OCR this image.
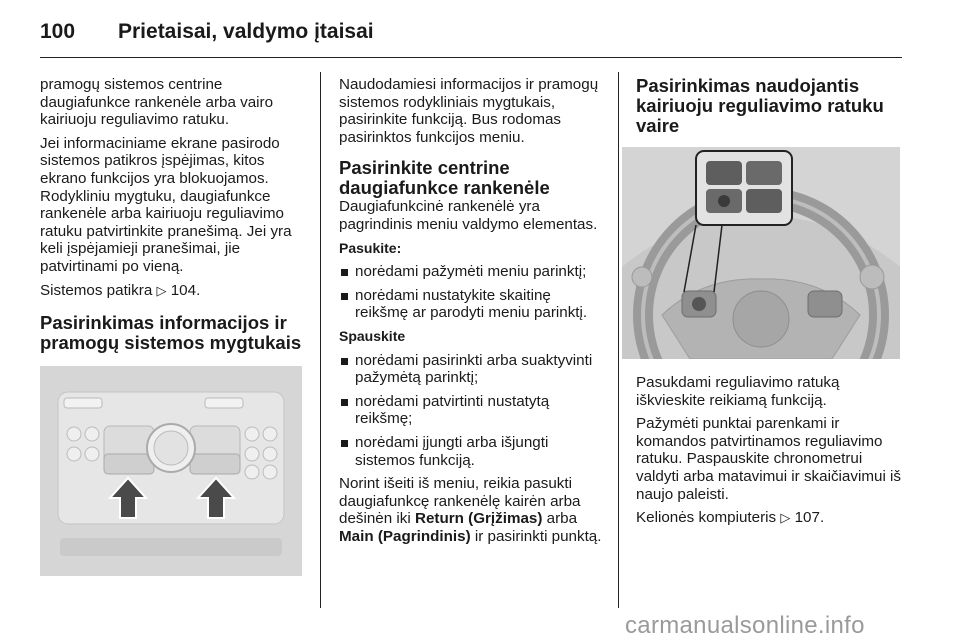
100 Prietaisai, valdymo įtaisai

pramogų sistemos centrine daugiafunkce rankenėle arba vairo kairiuoju reguliavimo ratuku.

Jei informaciniame ekrane pasirodo sistemos patikros įspėjimas, kitos ekrano funkcijos yra blokuojamos. Rodykliniu mygtuku, daugiafunkce rankenėle arba kairiuoju reguliavimo ratuku patvirtinkite pranešimą. Jei yra keli įspėjamieji pranešimai, jie patvirtinami po vieną.

Sistemos patikra ▷ 104.

Pasirinkimas informacijos ir pramogų sistemos mygtukais

Naudodamiesi informacijos ir pramogų sistemos rodykliniais mygtukais, pasirinkite funkciją. Bus rodomas pasirinktos funkcijos meniu.

Pasirinkite centrine daugiafunkce rankenėle

Daugiafunkcinė rankenėlė yra pagrindinis meniu valdymo elementas.

Pasukite:

norėdami pažymėti meniu parinktį;
norėdami nustatykite skaitinę reikšmę ar parodyti meniu parinktį.

Spauskite

norėdami pasirinkti arba suaktyvinti pažymėtą parinktį;
norėdami patvirtinti nustatytą reikšmę;
norėdami įjungti arba išjungti sistemos funkciją.

Norint išeiti iš meniu, reikia pasukti daugiafunkcę rankenėlę kairėn arba dešinėn iki Return (Grįžimas) arba Main (Pagrindinis) ir pasirinkti punktą.

Pasirinkimas naudojantis kairiuoju reguliavimo ratuku vaire

Pasukdami reguliavimo ratuką iškvieskite reikiamą funkciją.

Pažymėti punktai parenkami ir komandos patvirtinamos reguliavimo ratuku. Paspauskite chronometrui valdyti arba matavimui ir skaičiavimui iš naujo paleisti.

Kelionės kompiuteris ▷ 107.

carmanualsonline.info
